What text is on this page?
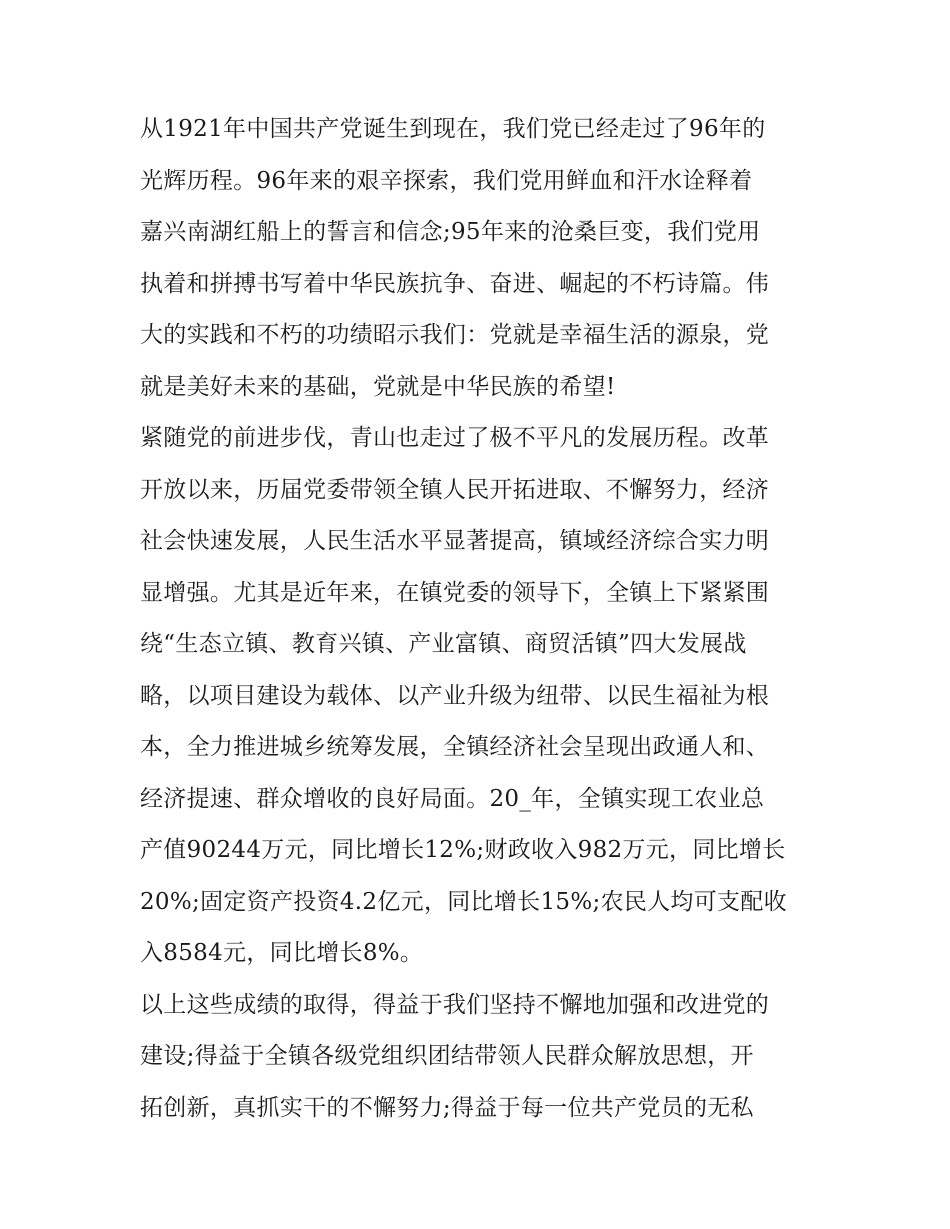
从1921年中国共产党诞生到现在，我们党已经走过了96年的
光辉历程。96年来的艰辛探索，我们党用鲜血和汗水诠释着
嘉兴南湖红船上的誓言和信念;95年来的沧桑巨变，我们党用
执着和拼搏书写着中华民族抗争、奋进、崛起的不朽诗篇。伟
大的实践和不朽的功绩昭示我们：党就是幸福生活的源泉，党
就是美好未来的基础，党就是中华民族的希望!
紧随党的前进步伐，青山也走过了极不平凡的发展历程。改革
开放以来，历届党委带领全镇人民开拓进取、不懈努力，经济
社会快速发展，人民生活水平显著提高，镇域经济综合实力明
显增强。尤其是近年来，在镇党委的领导下，全镇上下紧紧围
绕“生态立镇、教育兴镇、产业富镇、商贸活镇”四大发展战
略，以项目建设为载体、以产业升级为纽带、以民生福祉为根
本，全力推进城乡统筹发展，全镇经济社会呈现出政通人和、
经济提速、群众增收的良好局面。20_年，全镇实现工农业总
产值90244万元，同比增长12%;财政收入982万元，同比增长
20%;固定资产投资4.2亿元，同比增长15%;农民人均可支配收
入8584元，同比增长8%。
以上这些成绩的取得，得益于我们坚持不懈地加强和改进党的
建设;得益于全镇各级党组织团结带领人民群众解放思想，开
拓创新，真抓实干的不懈努力;得益于每一位共产党员的无私
